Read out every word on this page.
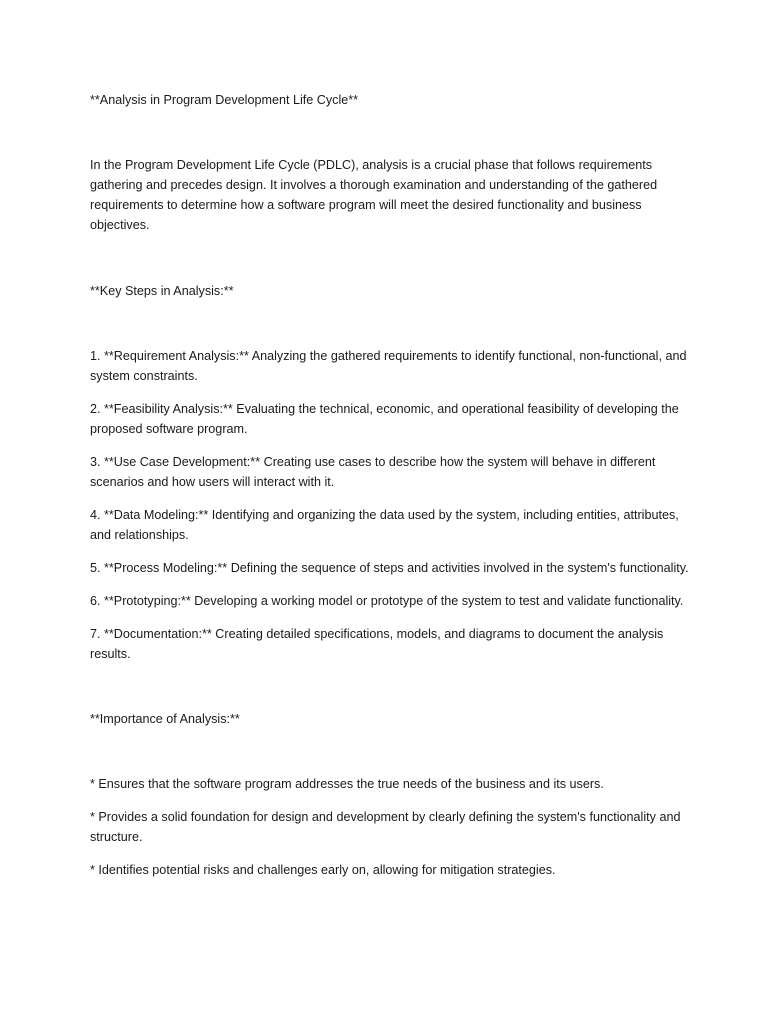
**Analysis in Program Development Life Cycle**

In the Program Development Life Cycle (PDLC), analysis is a crucial phase that follows requirements gathering and precedes design. It involves a thorough examination and understanding of the gathered requirements to determine how a software program will meet the desired functionality and business objectives.

**Key Steps in Analysis:**

1. **Requirement Analysis:** Analyzing the gathered requirements to identify functional, non-functional, and system constraints.

2. **Feasibility Analysis:** Evaluating the technical, economic, and operational feasibility of developing the proposed software program.

3. **Use Case Development:** Creating use cases to describe how the system will behave in different scenarios and how users will interact with it.

4. **Data Modeling:** Identifying and organizing the data used by the system, including entities, attributes, and relationships.

5. **Process Modeling:** Defining the sequence of steps and activities involved in the system's functionality.

6. **Prototyping:** Developing a working model or prototype of the system to test and validate functionality.

7. **Documentation:** Creating detailed specifications, models, and diagrams to document the analysis results.

**Importance of Analysis:**

* Ensures that the software program addresses the true needs of the business and its users.

* Provides a solid foundation for design and development by clearly defining the system's functionality and structure.

* Identifies potential risks and challenges early on, allowing for mitigation strategies.
